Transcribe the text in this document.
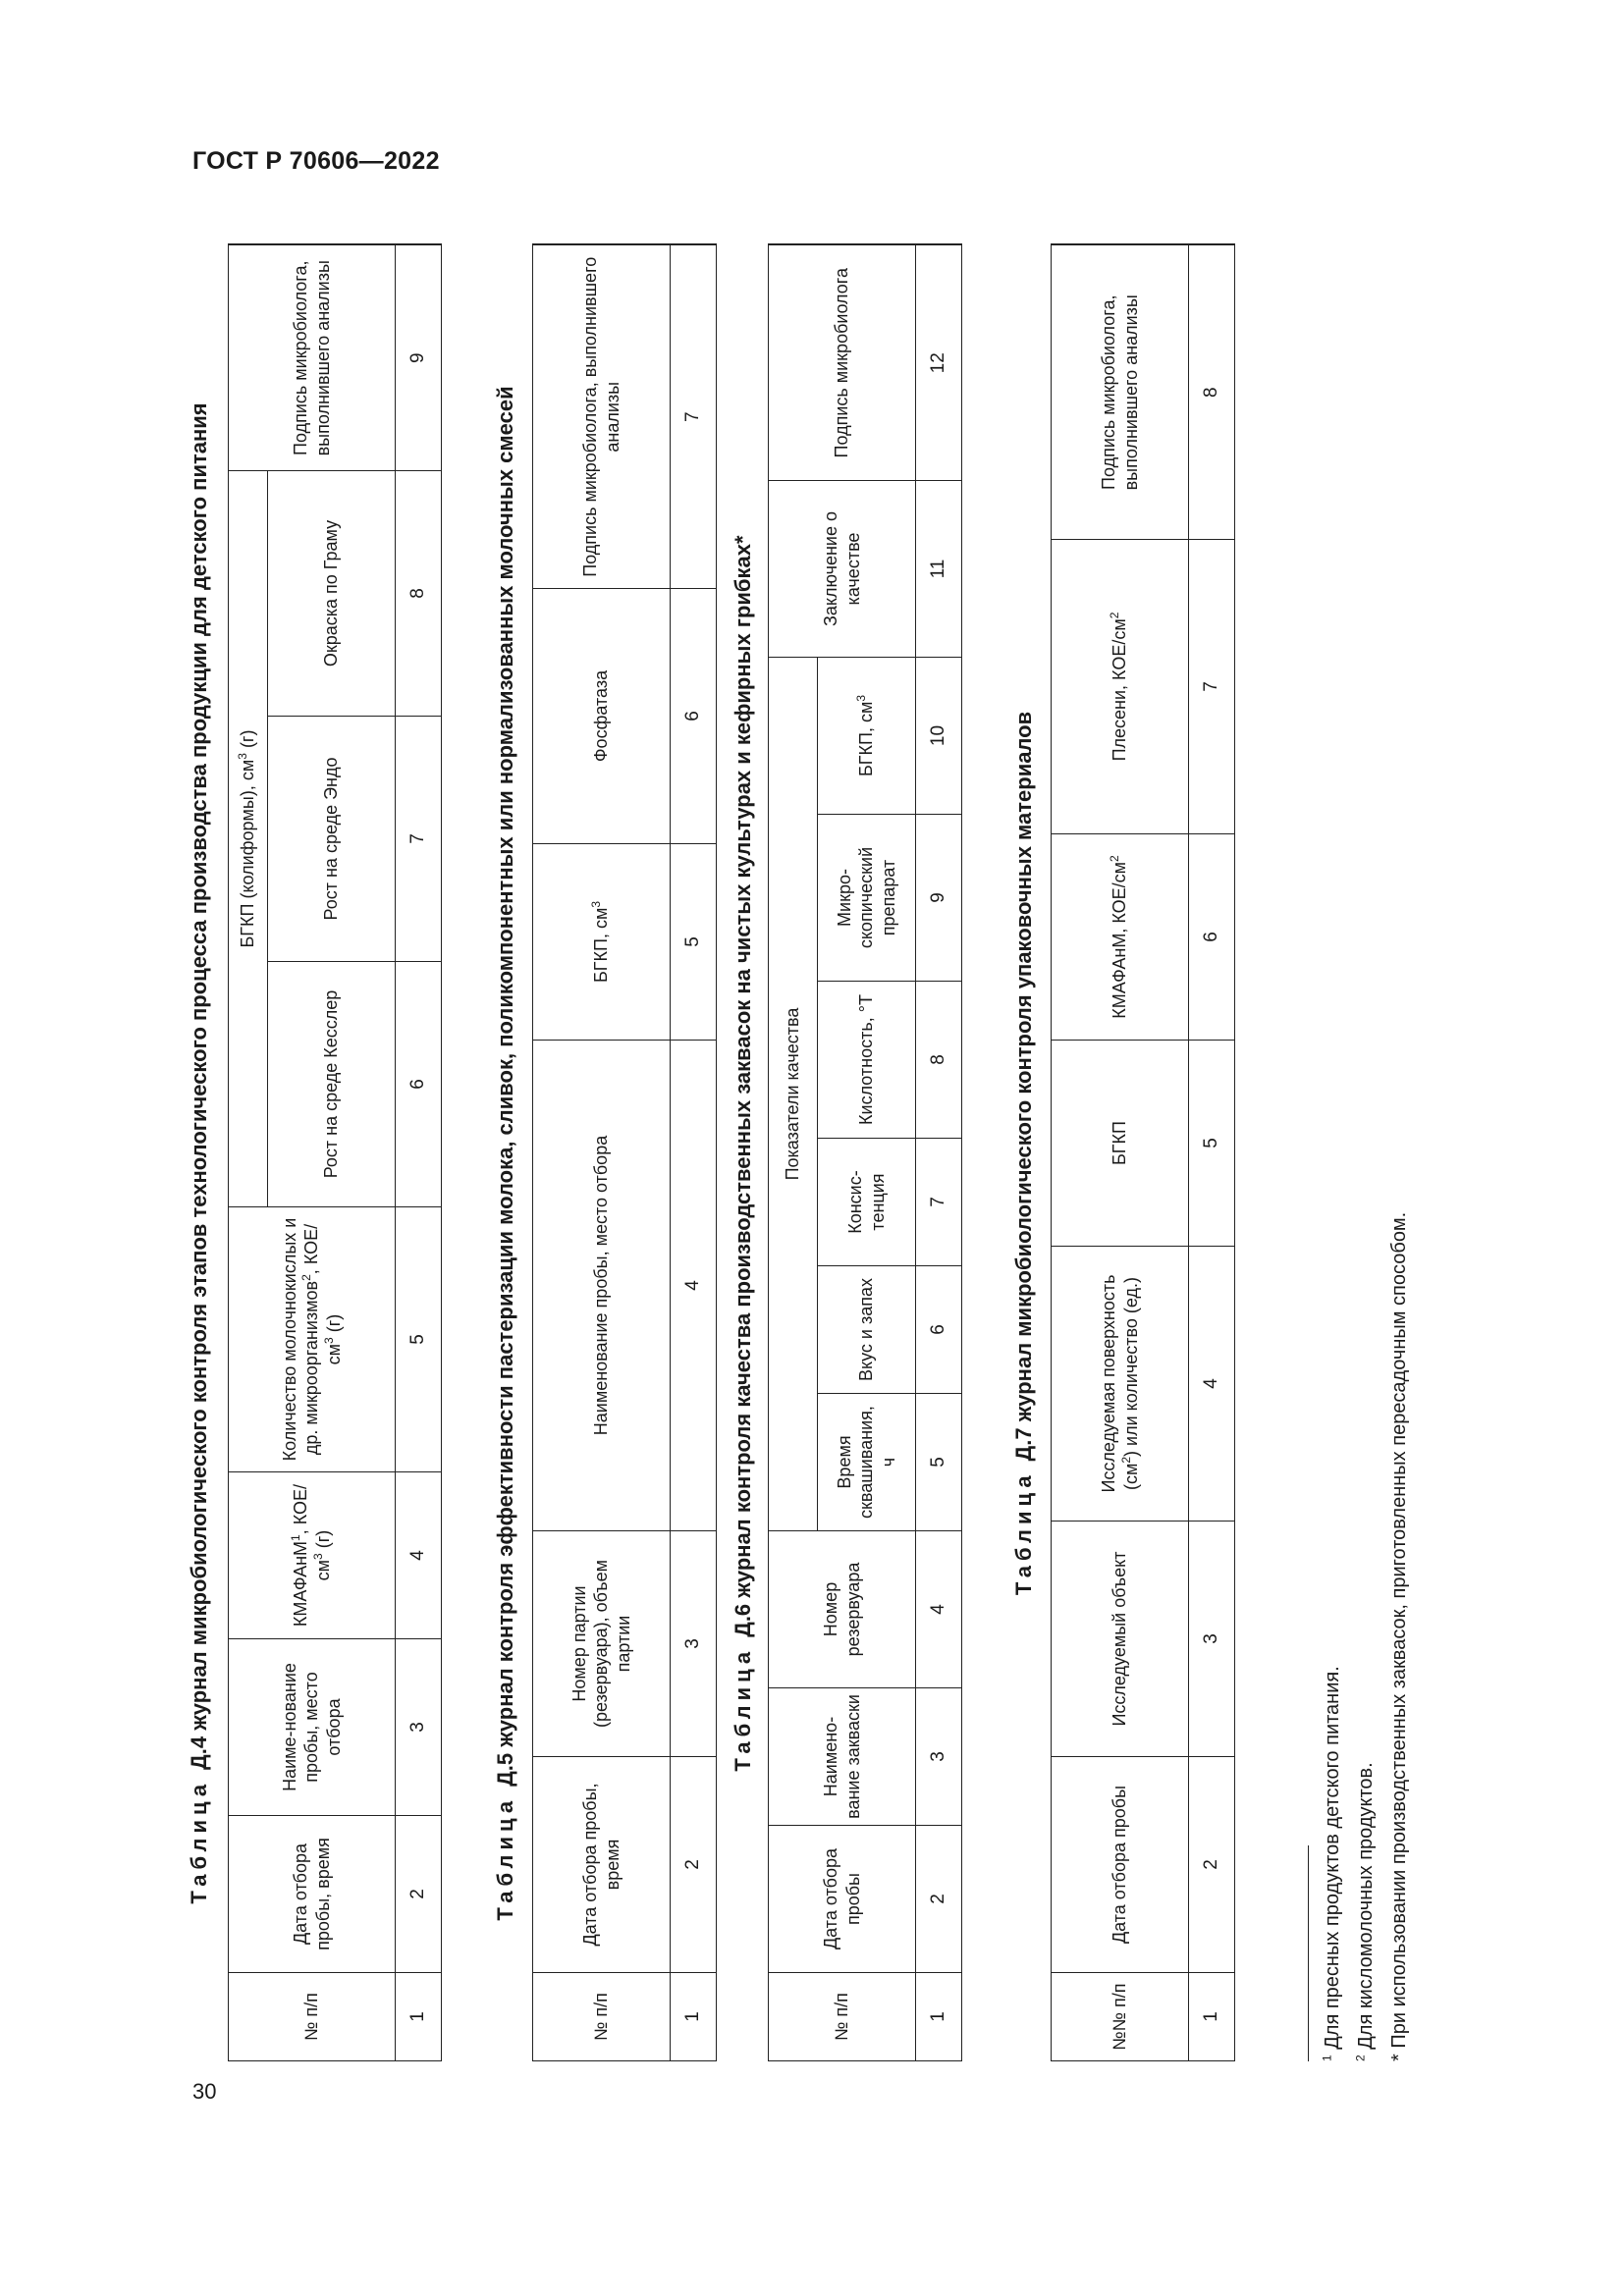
ГОСТ Р 70606—2022
30
ТаблицаД.4 журнал микробиологического контроля этапов технологического процесса производства продукции для детского питания
№ п/п	Дата отбора пробы, время	Наиме-нование пробы, место отбора	КМАФАнМ$^1$, КОЕ/$см^3$ (г)	Количество молочнокислых и др. микроорганизмов$^2$, КОЕ/$см^3$ (г)	БГКП (колиформы), $см^3$ (г)			Подпись микробиолога, выполнившего анализы
					Рост на среде Кесслер	Рост на среде Эндо	Окраска по Граму	
1	2	3	4	5	6	7	8	9
ТаблицаД.5 журнал контроля эффективности пастеризации молока, сливок, поликомпонентных или нормализованных молочных смесей
№ п/п	Дата отбора пробы, время	Номер партии (резервуара), объем партии	Наименование пробы, место отбора	БГКП, $см^3$	Фосфатаза	Подпись микробиолога, выполнившего анализы
1	2	3	4	5	6	7
ТаблицаД.6 журнал контроля качества производственных заквасок на чистых культурах и кефирных грибках*
№ п/п	Дата отбора пробы	Наимено-вание закваски	Номер резервуара	Показатели качества						Заключение о качестве	Подпись микробиолога
				Время сквашивания, ч	Вкус и запах	Консис-тенция	Кислотность, °Т	Микро-скопический препарат	БГКП, $см^3$
1	2	3	4	5	6	7	8	9	10	11	12
ТаблицаД.7 журнал микробиологического контроля упаковочных материалов
№№ п/п	Дата отбора пробы	Исследуемый объект	Исследуемая поверхность $(см^2)$ или количество (ед.)	БГКП	КМАФАнМ, КОЕ/$см^2$	Плесени, КОЕ/$см^2$	Подпись микробиолога, выполнившего анализы
1	2	3	4	5	6	7	8
$^1$ Для пресных продуктов детского питания.
$^2$ Для кисломолочных продуктов. * При использовании производственных заквасок, приготовленных пересадочным способом.
